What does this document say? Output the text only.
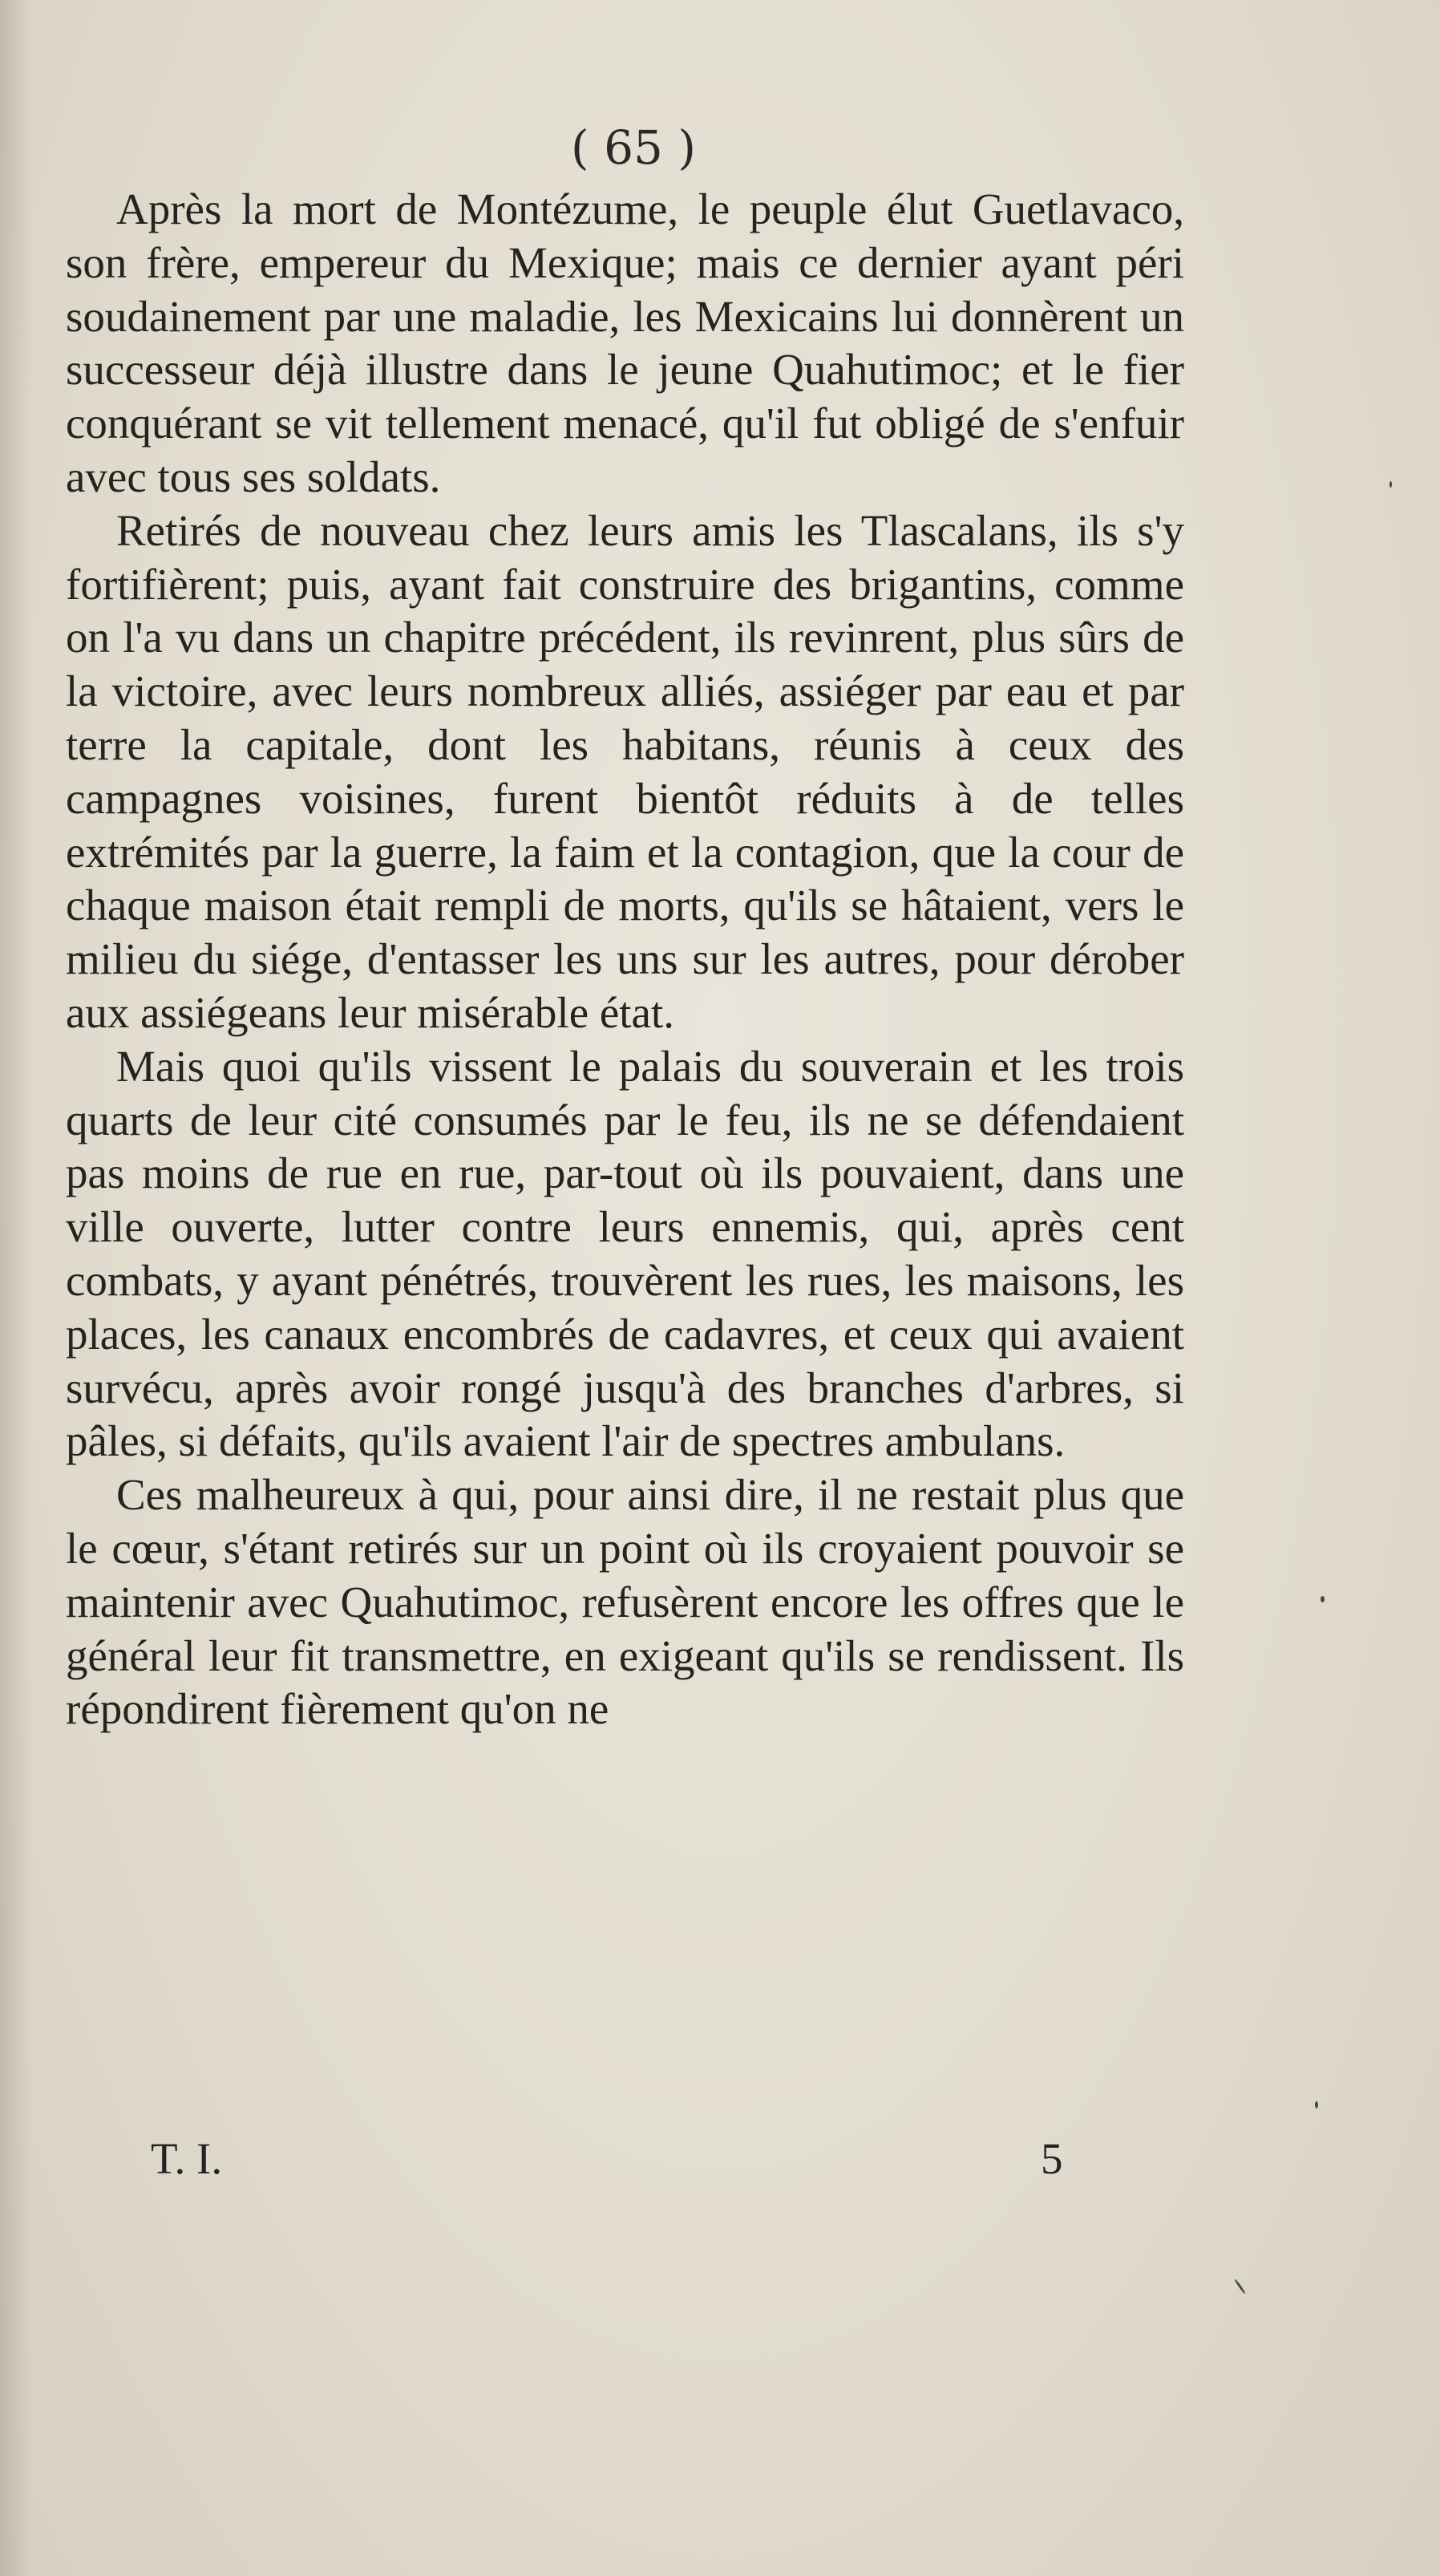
( 65 )

Après la mort de Montézume, le peuple élut Guetlavaco, son frère, empereur du Mexique; mais ce dernier ayant péri soudainement par une maladie, les Mexicains lui donnèrent un successeur déjà illustre dans le jeune Quahutimoc; et le fier conquérant se vit tellement menacé, qu'il fut obligé de s'enfuir avec tous ses soldats.

Retirés de nouveau chez leurs amis les Tlascalans, ils s'y fortifièrent; puis, ayant fait construire des brigantins, comme on l'a vu dans un chapitre précédent, ils revinrent, plus sûrs de la victoire, avec leurs nombreux alliés, assiéger par eau et par terre la capitale, dont les habitans, réunis à ceux des campagnes voisines, furent bientôt réduits à de telles extrémités par la guerre, la faim et la contagion, que la cour de chaque maison était rempli de morts, qu'ils se hâtaient, vers le milieu du siége, d'entasser les uns sur les autres, pour dérober aux assiégeans leur misérable état.

Mais quoi qu'ils vissent le palais du souverain et les trois quarts de leur cité consumés par le feu, ils ne se défendaient pas moins de rue en rue, par-tout où ils pouvaient, dans une ville ouverte, lutter contre leurs ennemis, qui, après cent combats, y ayant pénétrés, trouvèrent les rues, les maisons, les places, les canaux encombrés de cadavres, et ceux qui avaient survécu, après avoir rongé jusqu'à des branches d'arbres, si pâles, si défaits, qu'ils avaient l'air de spectres ambulans.

Ces malheureux à qui, pour ainsi dire, il ne restait plus que le cœur, s'étant retirés sur un point où ils croyaient pouvoir se maintenir avec Quahutimoc, refusèrent encore les offres que le général leur fit transmettre, en exigeant qu'ils se rendissent. Ils répondirent fièrement qu'on ne

T. I.	5
